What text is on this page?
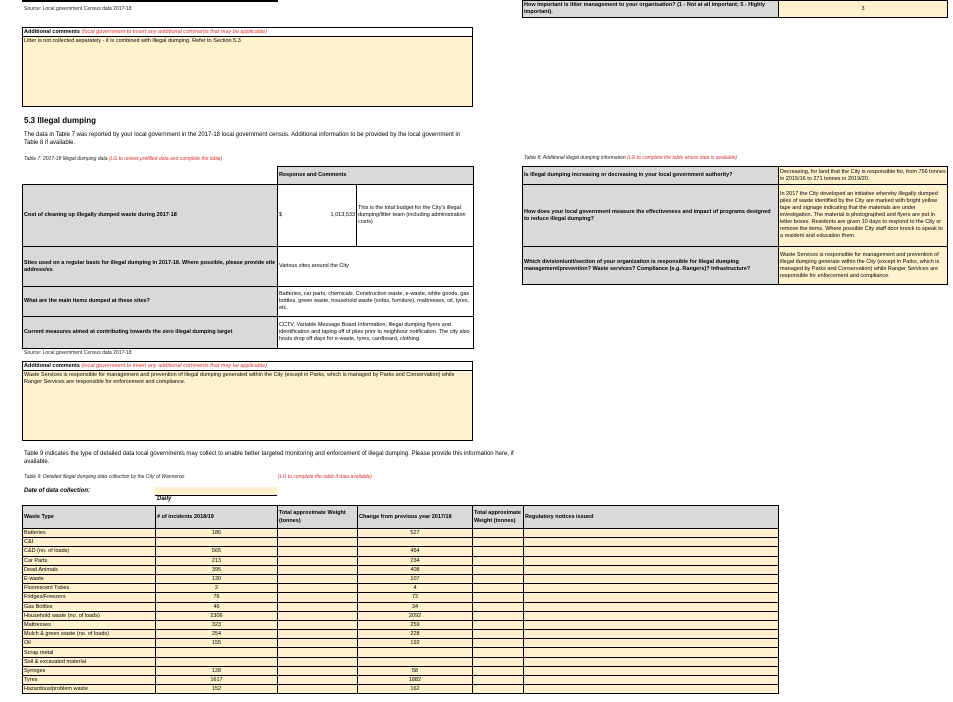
Source: Local government Census data 2017-18
How important is litter management to your organisation? (1 - Not at all important; 5 - Highly important).	3
Additional comments (local government to insert any additional comments that may be applicable)
Litter is not collected separately - it is combined with illegal dumping. Refer to Section 5.3
5.3 Illegal dumping
The data in Table 7 was reported by your local government in the 2017-18 local government census. Additional information to be provided by the local government in Table 8 if available.
Table 7: 2017-18 Illegal dumping data (LG to review prefilled data and complete the table)
	Response and Comments	
Cost of cleaning up illegally dumped waste during 2017-18	$ 1,013,533	This is the total budget for the City's illegal dumping/litter team (including administration costs)
Sites used on a regular basis for illegal dumping in 2017-18. Where possible, please provide site address/es	Various sites around the City	
What are the main items dumped at these sites?	Batteries, car parts, chemicals. Construction waste, e-waste, white goods, gas bottles, green waste, household waste (sofas, furniture), mattresses, oil, tyres, etc.	
Current measures aimed at contributing towards the zero illegal dumping target	CCTV, Variable Message Board Information, Illegal dumping flyers and identification and taping off of piles prior to neighbour notification. The city also hosts drop off days for e-waste, tyres, cardboard, clothing.	
Source: Local government Census data 2017-18
Additional comments (local government to insert any additional comments that may be applicable)
Waste Services is responsible for management and prevention of illegal dumping generated within the City (except in Parks, which is managed by Parks and Conservation) while Ranger Services are responsible for enforcement and compliance.
Table 8: Additional illegal dumping information (LG to complete the table where data is available)
Is illegal dumping increasing or decreasing in your local government authority?	Decreasing, for land that the City is responsible for, from 756 tonnes in 2015/16 to 271 tonnes in 2019/20.
How does your local government measure the effectiveness and impact of programs designed to reduce illegal dumping?	In 2017 the City developed an initiative whereby illegally dumped piles of waste identified by the City are marked with bright yellow tape and signage indicating that the materials are under investigation. The material is photographed and flyers are put in letter boxes. Residents are given 10 days to respond to the City or remove the items. Where possible City staff door knock to speak to a resident and education them.
Which division/unit/section of your organization is responsible for illegal dumping management/prevention? Waste services? Compliance (e.g. Rangers)? Infrastructure?	Waste Services is responsible for management and prevention of illegal dumping generate within the City (except in Parks, which is managed by Parks and Conservation) while Ranger Services are responsible for enforcement and compliance.
Table 9 indicates the type of detailed data local governments may collect to enable better targeted monitoring and enforcement of illegal dumping. Please provide this information here, if available.
Table 9: Detailed illegal dumping data collection by the City of Wanneroo	(LG to complete the table if data available)
Date of data collection:
Daily
Waste Type	# of incidents 2018/19	Total approximate Weight (tonnes)	Change from previous year 2017/18	Total approximate Weight (tonnes)	Regulatory notices issued
Batteries	186		527		
C&I					
C&D (no. of loads)	565		454		
Car Parts	213		234		
Dead Animals	395		408		
E-waste	130		107		
Fluorescent Tubes	2		4		
Fridges/Freezers	76		72		
Gas Bottles	46		34		
Household waste (no. of loads)	2306		2092		
Mattresses	323		259		
Mulch & green waste (no. of loads)	254		228		
Oil	155		192		
Scrap metal					
Soil & excavated material					
Syringes	128		58		
Tyres	1617		1882		
Hazardous/problem waste	152		162		
